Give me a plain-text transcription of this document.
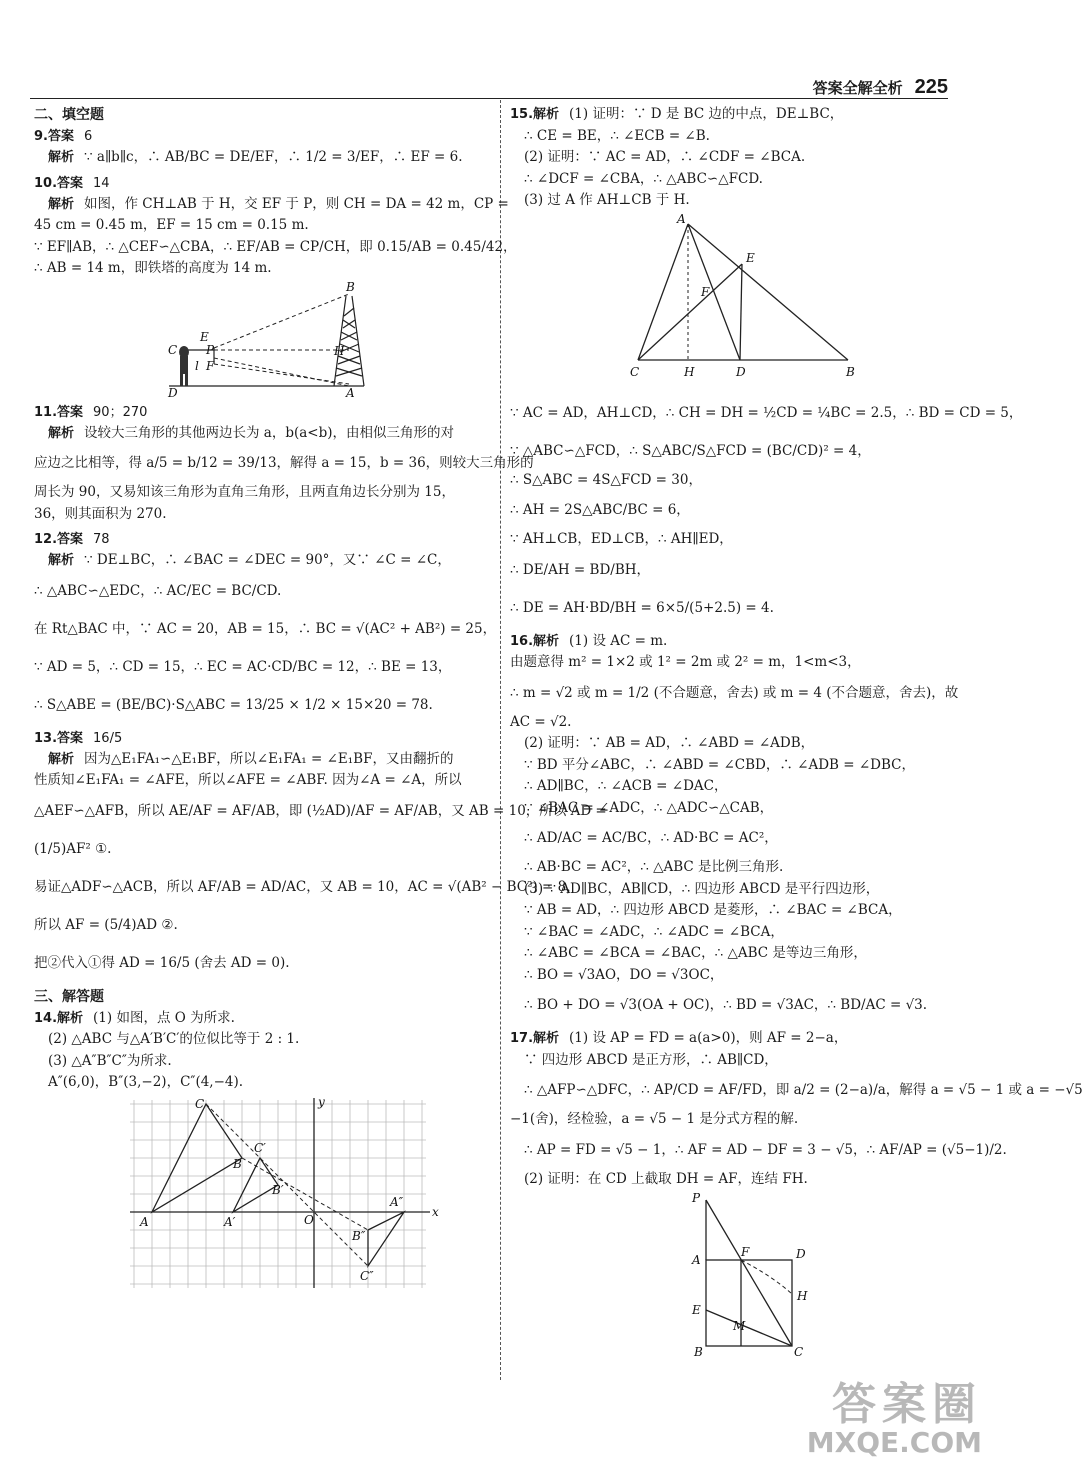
答案全解全析 225
二、填空题
9.答案 6
解析 ∵ a∥b∥c，∴ AB/BC = DE/EF，∴ 1/2 = 3/EF，∴ EF = 6.
10.答案 14
解析 如图，作 CH⊥AB 于 H，交 EF 于 P，则 CH = DA = 42 m，CP =
45 cm = 0.45 m，EF = 15 cm = 0.15 m.
∵ EF∥AB，∴ △CEF∽△CBA，∴ EF/AB = CP/CH，即 0.15/AB = 0.45/42，
∴ AB = 14 m，即铁塔的高度为 14 m.
B
E
C P
l F
H
D	A
11.答案 90；270
解析 设较大三角形的其他两边长为 a，b(a<b)，由相似三角形的对
应边之比相等，得 a/5 = b/12 = 39/13，解得 a = 15，b = 36，则较大三角形的
周长为 90，又易知该三角形为直角三角形，且两直角边长分别为 15，
36，则其面积为 270.
12.答案 78
解析 ∵ DE⊥BC，∴ ∠BAC = ∠DEC = 90°，又∵ ∠C = ∠C，
∴ △ABC∽△EDC，∴ AC/EC = BC/CD.
在 Rt△BAC 中，∵ AC = 20，AB = 15，∴ BC = √(AC² + AB²) = 25，
∵ AD = 5，∴ CD = 15，∴ EC = AC·CD/BC = 12，∴ BE = 13，
∴ S△ABE = (BE/BC)·S△ABC = 13/25 × 1/2 × 15×20 = 78.
13.答案 16/5
解析 因为△E₁FA₁∽△E₁BF，所以∠E₁FA₁ = ∠E₁BF，又由翻折的
性质知∠E₁FA₁ = ∠AFE，所以∠AFE = ∠ABF. 因为∠A = ∠A，所以
△AEF∽△AFB，所以 AE/AF = AF/AB，即 (½AD)/AF = AF/AB，又 AB = 10，所以 AD =
(1/5)AF² ①.
易证△ADF∽△ACB，所以 AF/AB = AD/AC，又 AB = 10，AC = √(AB² − BC²) = 8，
所以 AF = (5/4)AD ②.
把②代入①得 AD = 16/5 (舍去 AD = 0).
三、解答题
14.解析 (1) 如图，点 O 为所求.
(2) △ABC 与△A′B′C′的位似比等于 2 : 1.
(3) △A″B″C″为所求.
A″(6,0)，B″(3,−2)，C″(4,−4).
C	y
C′
B
B′
A	A′	O
A″
x
B″
C″
15.解析 (1) 证明：∵ D 是 BC 边的中点，DE⊥BC，
∴ CE = BE，∴ ∠ECB = ∠B.
(2) 证明：∵ AC = AD，∴ ∠CDF = ∠BCA.
∴ ∠DCF = ∠CBA，∴ △ABC∽△FCD.
(3) 过 A 作 AH⊥CB 于 H.
A
E
F
C	H	D	B
∵ AC = AD，AH⊥CD，∴ CH = DH = ½CD = ¼BC = 2.5，∴ BD = CD = 5，
∵ △ABC∽△FCD，∴ S△ABC/S△FCD = (BC/CD)² = 4，
∴ S△ABC = 4S△FCD = 30，
∴ AH = 2S△ABC/BC = 6，
∵ AH⊥CB，ED⊥CB，∴ AH∥ED，
∴ DE/AH = BD/BH，
∴ DE = AH·BD/BH = 6×5/(5+2.5) = 4.
16.解析 (1) 设 AC = m.
由题意得 m² = 1×2 或 1² = 2m 或 2² = m，1<m<3，
∴ m = √2 或 m = 1/2 (不合题意，舍去) 或 m = 4 (不合题意，舍去)，故
AC = √2.
(2) 证明：∵ AB = AD，∴ ∠ABD = ∠ADB，
∵ BD 平分∠ABC，∴ ∠ABD = ∠CBD，∴ ∠ADB = ∠DBC，
∴ AD∥BC，∴ ∠ACB = ∠DAC，
∵ ∠BAC = ∠ADC，∴ △ADC∽△CAB，
∴ AD/AC = AC/BC，∴ AD·BC = AC²，
∴ AB·BC = AC²，∴ △ABC 是比例三角形.
(3) ∵ AD∥BC，AB∥CD，∴ 四边形 ABCD 是平行四边形，
∵ AB = AD，∴ 四边形 ABCD 是菱形，∴ ∠BAC = ∠BCA，
∵ ∠BAC = ∠ADC，∴ ∠ADC = ∠BCA，
∴ ∠ABC = ∠BCA = ∠BAC，∴ △ABC 是等边三角形，
∴ BO = √3AO，DO = √3OC，
∴ BO + DO = √3(OA + OC)，∴ BD = √3AC，∴ BD/AC = √3.
17.解析 (1) 设 AP = FD = a(a>0)，则 AF = 2−a，
∵ 四边形 ABCD 是正方形，∴ AB∥CD，
∴ △AFP∽△DFC，∴ AP/CD = AF/FD，即 a/2 = (2−a)/a，解得 a = √5 − 1 或 a = −√5
−1(舍)，经检验，a = √5 − 1 是分式方程的解.
∴ AP = FD = √5 − 1，∴ AF = AD − DF = 3 − √5，∴ AF/AP = (√5−1)/2.
(2) 证明：在 CD 上截取 DH = AF，连结 FH.
P
A
F	D
H
E
M
B	C
答案圈
MXQE.COM
